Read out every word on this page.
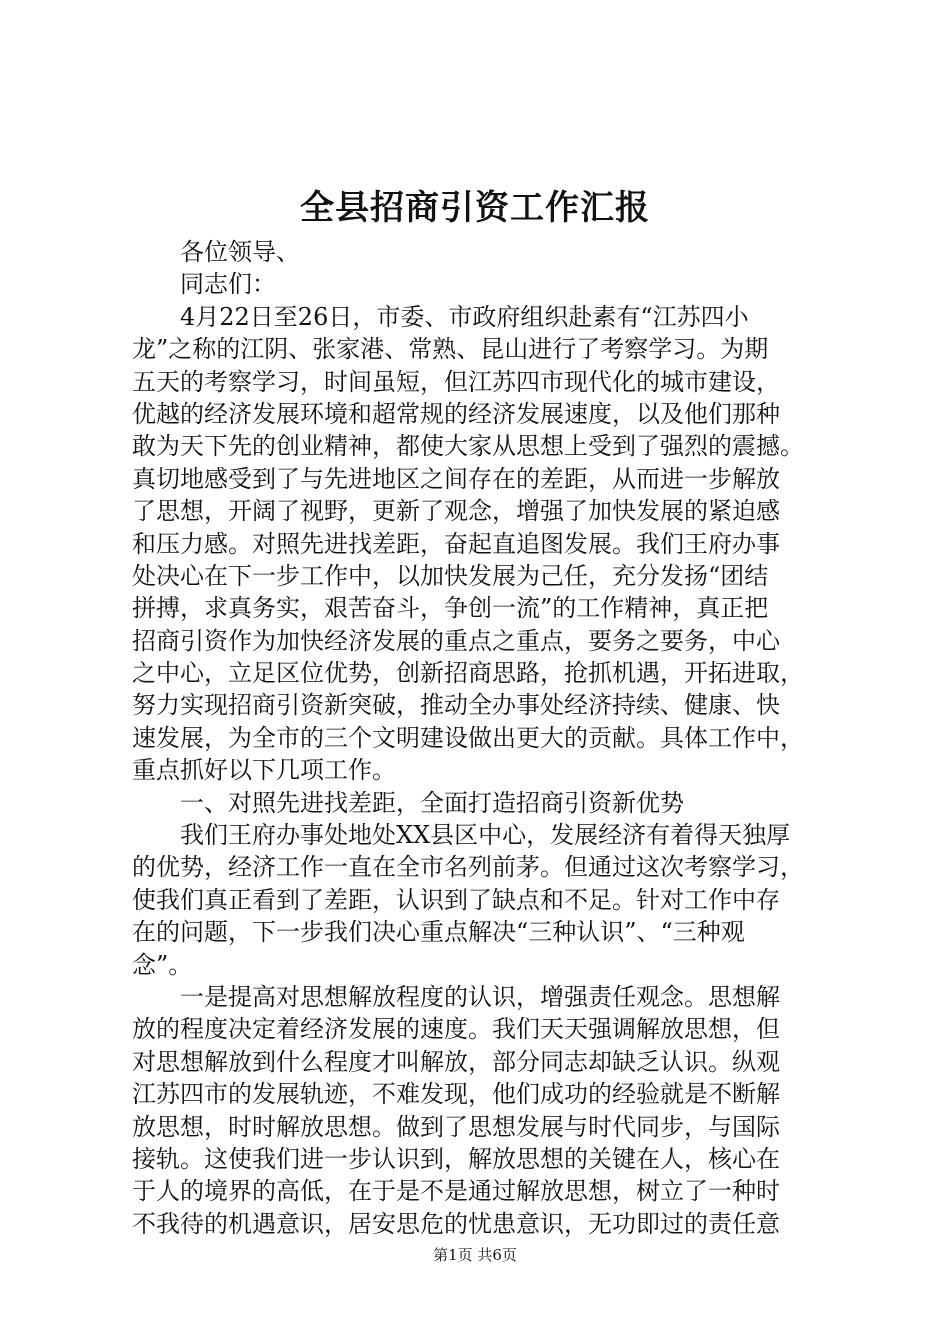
全县招商引资工作汇报
各位领导、
同志们：
4月22日至26日，市委、市政府组织赴素有“江苏四小
龙”之称的江阴、张家港、常熟、昆山进行了考察学习。为期
五天的考察学习，时间虽短，但江苏四市现代化的城市建设，
优越的经济发展环境和超常规的经济发展速度，以及他们那种
敢为天下先的创业精神，都使大家从思想上受到了强烈的震撼。
真切地感受到了与先进地区之间存在的差距，从而进一步解放
了思想，开阔了视野，更新了观念，增强了加快发展的紧迫感
和压力感。对照先进找差距，奋起直追图发展。我们王府办事
处决心在下一步工作中，以加快发展为己任，充分发扬“团结
拼搏，求真务实，艰苦奋斗，争创一流”的工作精神，真正把
招商引资作为加快经济发展的重点之重点，要务之要务，中心
之中心，立足区位优势，创新招商思路，抢抓机遇，开拓进取，
努力实现招商引资新突破，推动全办事处经济持续、健康、快
速发展，为全市的三个文明建设做出更大的贡献。具体工作中，
重点抓好以下几项工作。
一、对照先进找差距，全面打造招商引资新优势
我们王府办事处地处XX县区中心，发展经济有着得天独厚
的优势，经济工作一直在全市名列前茅。但通过这次考察学习，
使我们真正看到了差距，认识到了缺点和不足。针对工作中存
在的问题，下一步我们决心重点解决“三种认识”、“三种观
念”。
一是提高对思想解放程度的认识，增强责任观念。思想解
放的程度决定着经济发展的速度。我们天天强调解放思想，但
对思想解放到什么程度才叫解放，部分同志却缺乏认识。纵观
江苏四市的发展轨迹，不难发现，他们成功的经验就是不断解
放思想，时时解放思想。做到了思想发展与时代同步，与国际
接轨。这使我们进一步认识到，解放思想的关键在人，核心在
于人的境界的高低，在于是不是通过解放思想，树立了一种时
不我待的机遇意识，居安思危的忧患意识，无功即过的责任意
第1页 共6页
